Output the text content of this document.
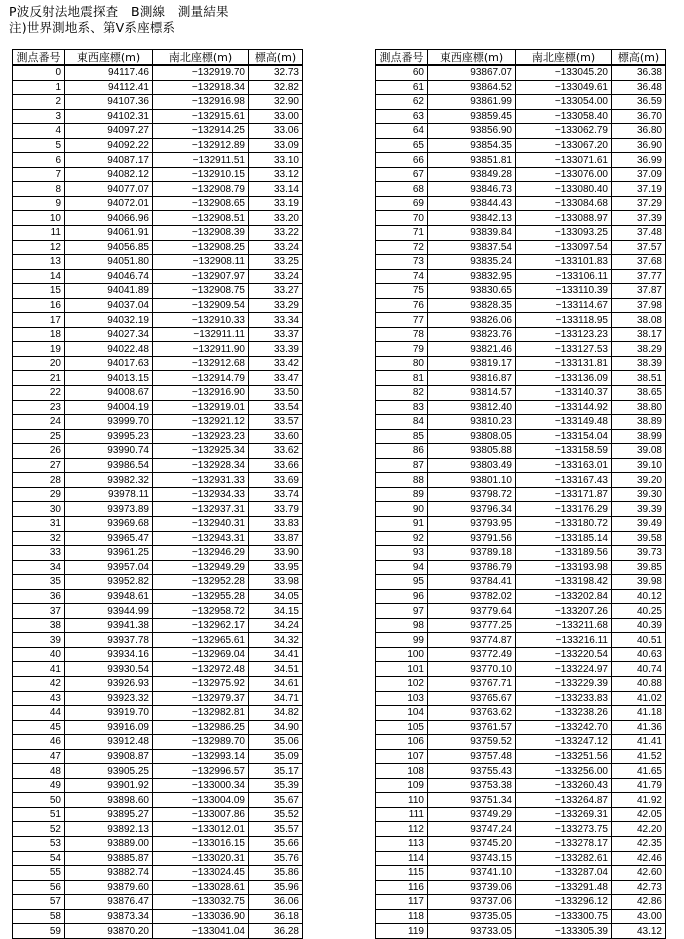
P波反射法地震探査　B測線　測量結果
注)世界測地系、第Ⅴ系座標系
測点番号	東西座標(m)	南北座標(m)	標高(m)
0	94117.46	−132919.70	32.73
1	94112.41	−132918.34	32.82
2	94107.36	−132916.98	32.90
3	94102.31	−132915.61	33.00
4	94097.27	−132914.25	33.06
5	94092.22	−132912.89	33.09
6	94087.17	−132911.51	33.10
7	94082.12	−132910.15	33.12
8	94077.07	−132908.79	33.14
9	94072.01	−132908.65	33.19
10	94066.96	−132908.51	33.20
11	94061.91	−132908.39	33.22
12	94056.85	−132908.25	33.24
13	94051.80	−132908.11	33.25
14	94046.74	−132907.97	33.24
15	94041.89	−132908.75	33.27
16	94037.04	−132909.54	33.29
17	94032.19	−132910.33	33.34
18	94027.34	−132911.11	33.37
19	94022.48	−132911.90	33.39
20	94017.63	−132912.68	33.42
21	94013.15	−132914.79	33.47
22	94008.67	−132916.90	33.50
23	94004.19	−132919.01	33.54
24	93999.70	−132921.12	33.57
25	93995.23	−132923.23	33.60
26	93990.74	−132925.34	33.62
27	93986.54	−132928.34	33.66
28	93982.32	−132931.33	33.69
29	93978.11	−132934.33	33.74
30	93973.89	−132937.31	33.79
31	93969.68	−132940.31	33.83
32	93965.47	−132943.31	33.87
33	93961.25	−132946.29	33.90
34	93957.04	−132949.29	33.95
35	93952.82	−132952.28	33.98
36	93948.61	−132955.28	34.05
37	93944.99	−132958.72	34.15
38	93941.38	−132962.17	34.24
39	93937.78	−132965.61	34.32
40	93934.16	−132969.04	34.41
41	93930.54	−132972.48	34.51
42	93926.93	−132975.92	34.61
43	93923.32	−132979.37	34.71
44	93919.70	−132982.81	34.82
45	93916.09	−132986.25	34.90
46	93912.48	−132989.70	35.06
47	93908.87	−132993.14	35.09
48	93905.25	−132996.57	35.17
49	93901.92	−133000.34	35.39
50	93898.60	−133004.09	35.67
51	93895.27	−133007.86	35.52
52	93892.13	−133012.01	35.57
53	93889.00	−133016.15	35.66
54	93885.87	−133020.31	35.76
55	93882.74	−133024.45	35.86
56	93879.60	−133028.61	35.96
57	93876.47	−133032.75	36.06
58	93873.34	−133036.90	36.18
59	93870.20	−133041.04	36.28
測点番号	東西座標(m)	南北座標(m)	標高(m)
60	93867.07	−133045.20	36.38
61	93864.52	−133049.61	36.48
62	93861.99	−133054.00	36.59
63	93859.45	−133058.40	36.70
64	93856.90	−133062.79	36.80
65	93854.35	−133067.20	36.90
66	93851.81	−133071.61	36.99
67	93849.28	−133076.00	37.09
68	93846.73	−133080.40	37.19
69	93844.43	−133084.68	37.29
70	93842.13	−133088.97	37.39
71	93839.84	−133093.25	37.48
72	93837.54	−133097.54	37.57
73	93835.24	−133101.83	37.68
74	93832.95	−133106.11	37.77
75	93830.65	−133110.39	37.87
76	93828.35	−133114.67	37.98
77	93826.06	−133118.95	38.08
78	93823.76	−133123.23	38.17
79	93821.46	−133127.53	38.29
80	93819.17	−133131.81	38.39
81	93816.87	−133136.09	38.51
82	93814.57	−133140.37	38.65
83	93812.40	−133144.92	38.80
84	93810.23	−133149.48	38.89
85	93808.05	−133154.04	38.99
86	93805.88	−133158.59	39.08
87	93803.49	−133163.01	39.10
88	93801.10	−133167.43	39.20
89	93798.72	−133171.87	39.30
90	93796.34	−133176.29	39.39
91	93793.95	−133180.72	39.49
92	93791.56	−133185.14	39.58
93	93789.18	−133189.56	39.73
94	93786.79	−133193.98	39.85
95	93784.41	−133198.42	39.98
96	93782.02	−133202.84	40.12
97	93779.64	−133207.26	40.25
98	93777.25	−133211.68	40.39
99	93774.87	−133216.11	40.51
100	93772.49	−133220.54	40.63
101	93770.10	−133224.97	40.74
102	93767.71	−133229.39	40.88
103	93765.67	−133233.83	41.02
104	93763.62	−133238.26	41.18
105	93761.57	−133242.70	41.36
106	93759.52	−133247.12	41.41
107	93757.48	−133251.56	41.52
108	93755.43	−133256.00	41.65
109	93753.38	−133260.43	41.79
110	93751.34	−133264.87	41.92
111	93749.29	−133269.31	42.05
112	93747.24	−133273.75	42.20
113	93745.20	−133278.17	42.35
114	93743.15	−133282.61	42.46
115	93741.10	−133287.04	42.60
116	93739.06	−133291.48	42.73
117	93737.06	−133296.12	42.86
118	93735.05	−133300.75	43.00
119	93733.05	−133305.39	43.12
